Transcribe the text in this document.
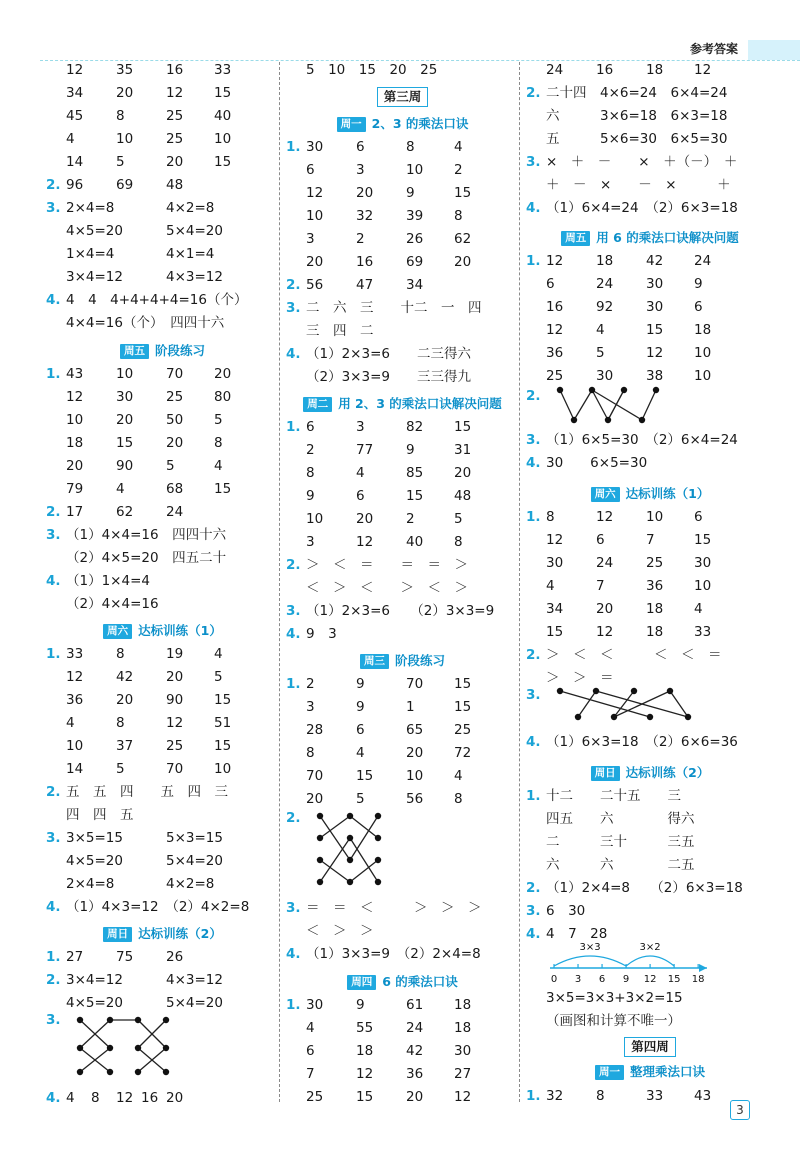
参考答案
12 35 16 33
34 20 12 15
45 8	25 40
4	10 25 10
14 5	20 15
2. 96 69 48
3. 2×4=8	4×2=8
4×5=20	5×4=20
1×4=4	4×1=4
3×4=12	4×3=12
4. 4　4　4+4+4+4=16（个）
4×4=16（个）　四四十六
周五 阶段练习
1. 43 10 70 20
12 30 25 80
10 20 50 5
18 15 20 8
20 90 5	4
79 4	68 15
2. 17 62 24
3. （1）4×4=16　四四十六
（2）4×5=20　四五二十
4. （1）1×4=4
（2）4×4=16
周六 达标训练（1）
1. 33 8	19 4
12 42 20 5
36 20 90 15
4	8	12 51
10 37 25 15
14 5	70 10
2. 五　五　四　　五　四　三
四　四　五
3. 3×5=15	5×3=15
4×5=20	5×4=20
2×4=8	4×2=8
4. （1）4×3=12　（2）4×2=8
周日 达标训练（2）
1. 27 75 26
2. 3×4=12	4×3=12
4×5=20	5×4=20
3.
4. 4 8 12 16 20
5　10　15　20　25
第三周
周一 2、3 的乘法口诀
1. 30 6	8	4
6	3	10 2
12 20 9	15
10 32 39 8
3	2	26 62
20 16 69 20
2. 56 47 34
3. 二　六　三　　十二　一　四
三　四　二
4. （1）2×3=6　　二三得六
（2）3×3=9　　三三得九
周二 用 2、3 的乘法口诀解决问题
1. 6	3	82 15
2	77 9	31
8	4	85 20
9	6	15 48
10 20 2	5
3	12 40 8
2. ＞　＜　＝　　＝　＝　＞
＜　＞　＜　　＞　＜　＞
3. （1）2×3=6　　（2）3×3=9
4. 9　3
周三 阶段练习
1. 2	9	70 15
3	9	1	15
28 6	65 25
8	4	20 72
70 15 10 4
20 5	56 8
2.
3. ＝　＝　＜　　　＞　＞　＞
＜　＞　＞
4. （1）3×3=9　（2）2×4=8
周四 6 的乘法口诀
1. 30 9	61 18
4	55 24 18
6	18 42 30
7	12 36 27
25 15 20 12
24 16 18 12
2. 二十四　4×6=24　6×4=24
六　　　3×6=18　6×3=18
五　　　5×6=30　6×5=30
3. ×　＋　－　　×　＋（－）　＋
＋　－　×　　－　×　　　＋
4. （1）6×4=24　（2）6×3=18
周五 用 6 的乘法口诀解决问题
1. 12 18 42 24
6	24 30 9
16 92 30 6
12 4	15 18
36 5	12 10
25 30 38 10
2.
3. （1）6×5=30　（2）6×4=24
4. 30　　6×5=30
周六 达标训练（1）
1. 8	12 10 6
12 6	7	15
30 24 25 30
4	7	36 10
34 20 18 4
15 12 18 33
2. ＞　＜　＜　　　＜　＜　＝
＞　＞　＝
3.
4. （1）6×3=18　（2）6×6=36
周日 达标训练（2）
1. 十二　　二十五　　三
四五　　六　　　　得六
二　　　三十　　　三五
六　　　六　　　　二五
2. （1）2×4=8　　（2）6×3=18
3. 6　30
4. 4　7　28
0 3 6 9 12 15 18
3×3	3×2
3×5=3×3+3×2=15
（画图和计算不唯一）
第四周
周一 整理乘法口诀
1. 32 8	33 43
3
